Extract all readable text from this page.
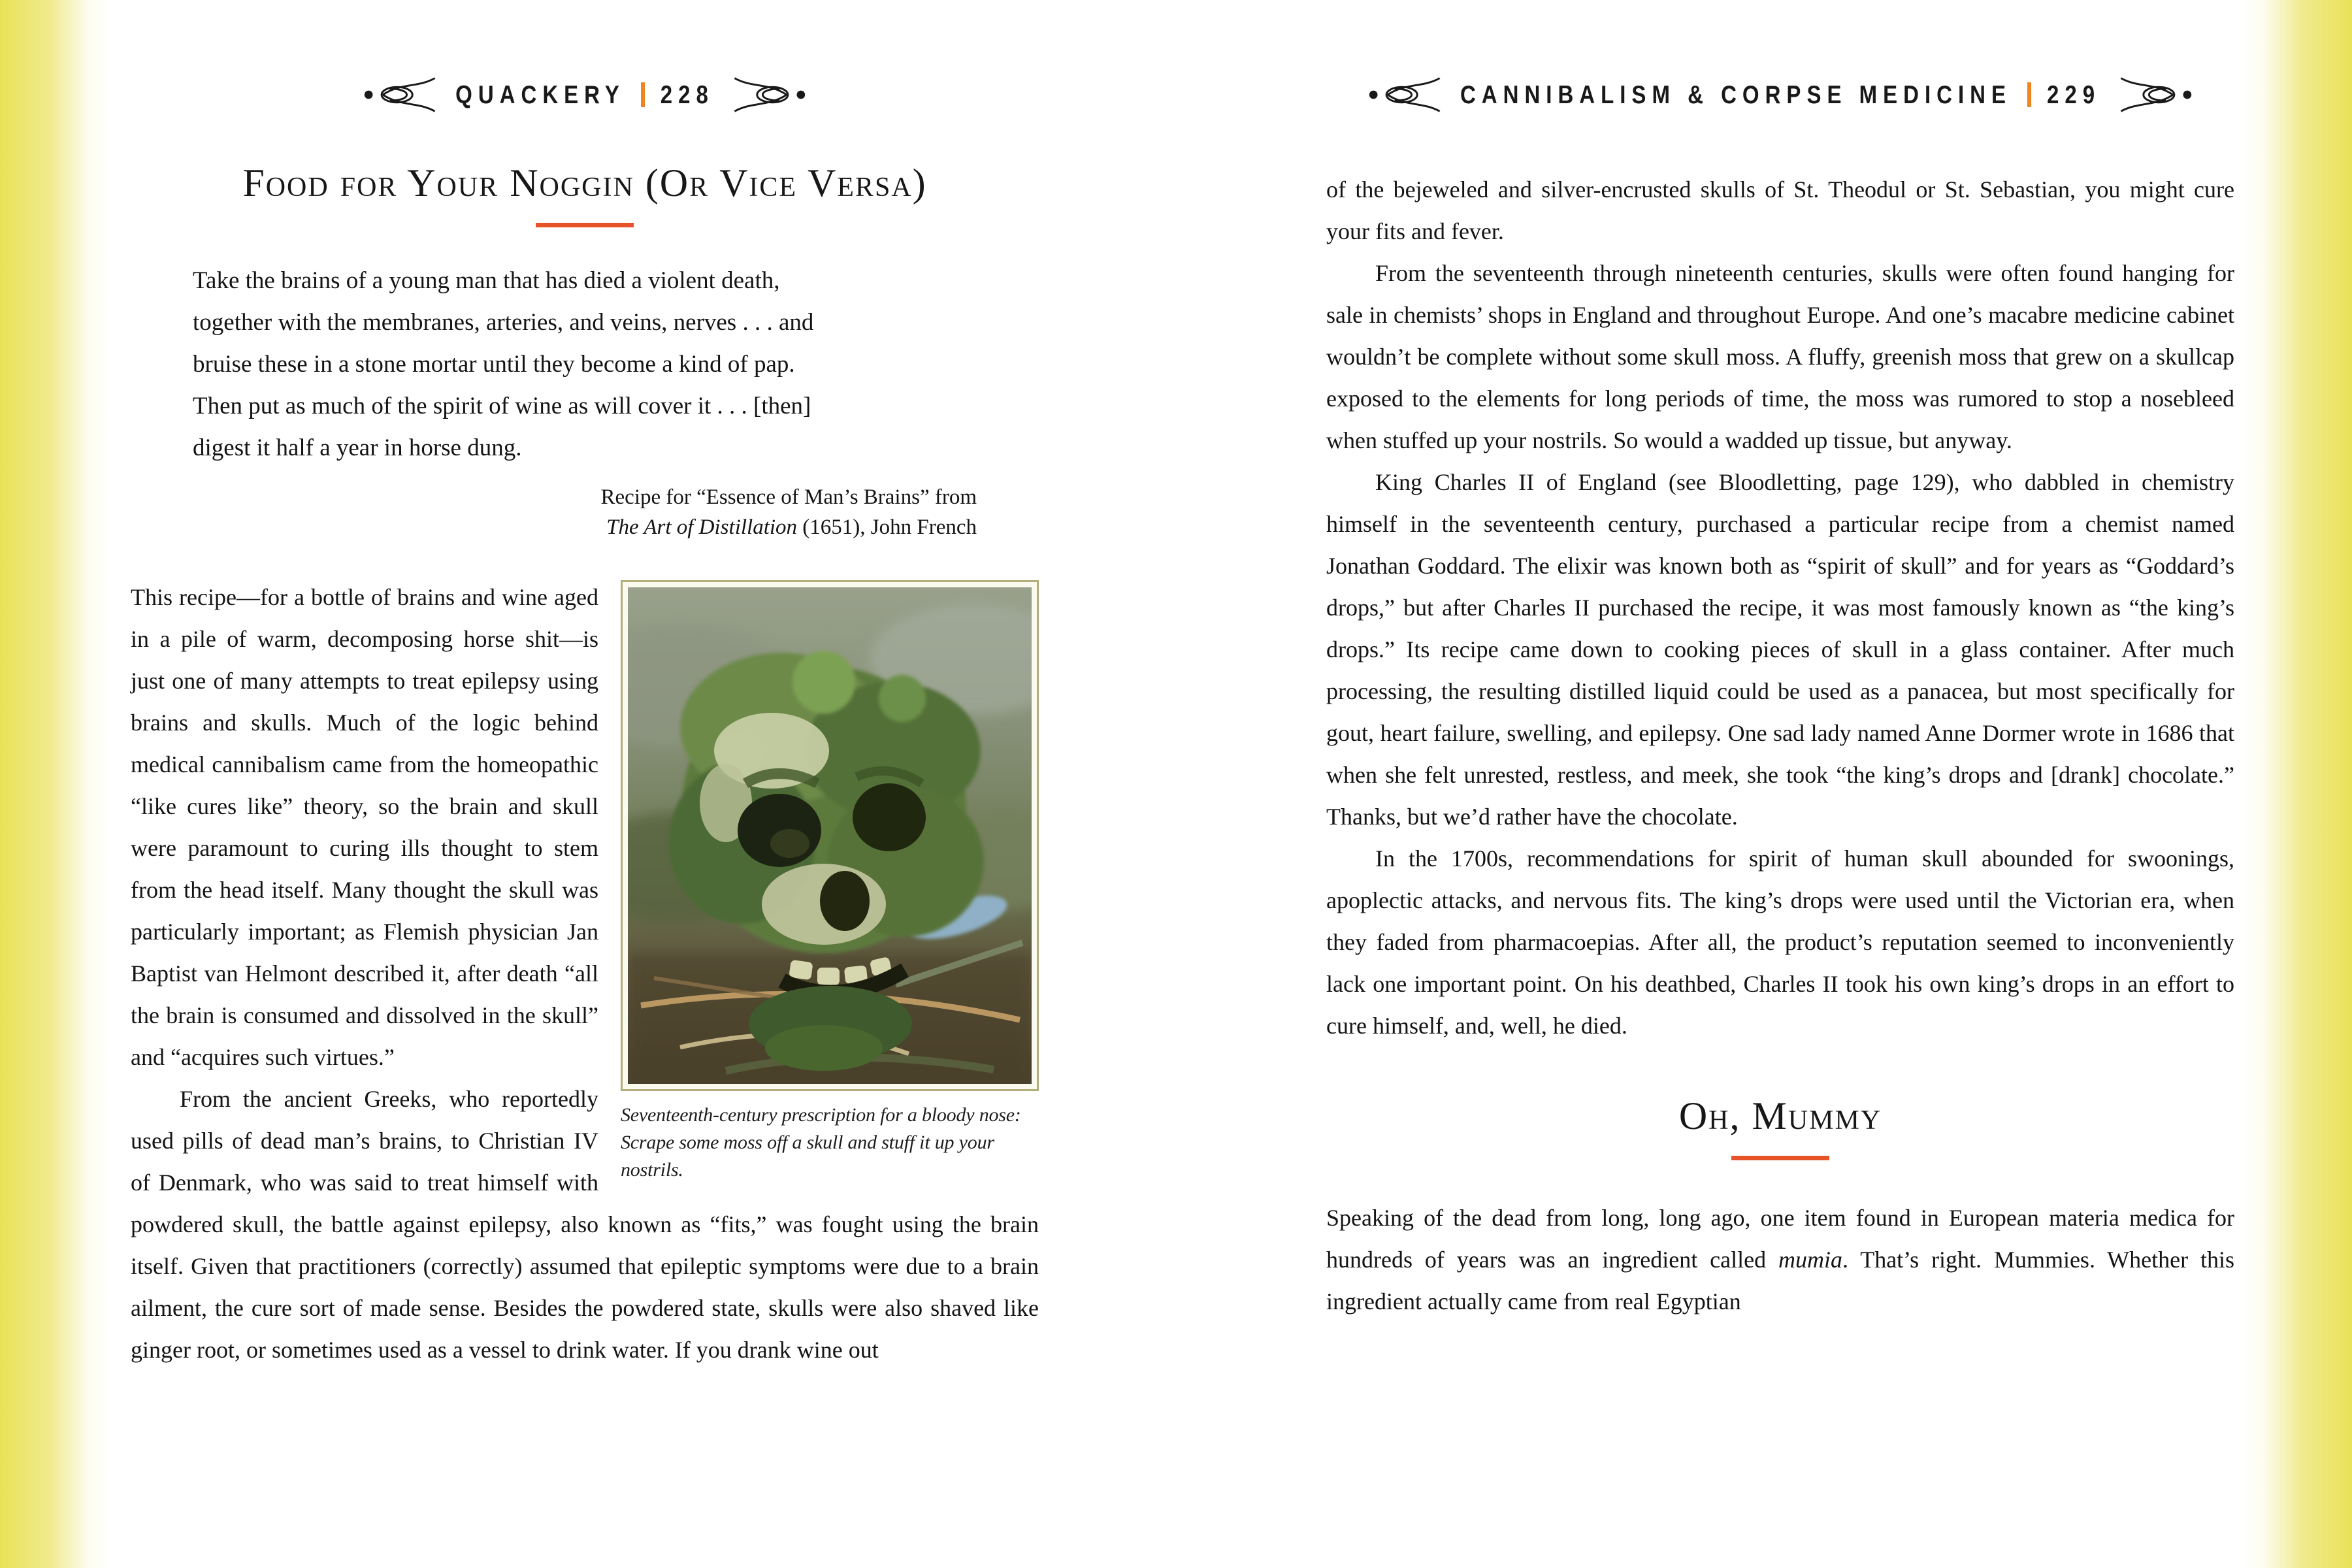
QUACKERY 228
Food for Your Noggin (Or Vice Versa)
Take the brains of a young man that has died a violent death,
together with the membranes, arteries, and veins, nerves . . . and
bruise these in a stone mortar until they become a kind of pap.
Then put as much of the spirit of wine as will cover it . . . [then]
digest it half a year in horse dung.
Recipe for “Essence of Man’s Brains” from
The Art of Distillation (1651), John French
Seventeenth-century prescription for a bloody nose: Scrape some moss off a skull and stuff it up your nostrils.

This recipe—for a bottle of brains and wine aged in a pile of warm, decomposing horse shit—is just one of many attempts to treat epilepsy using brains and skulls. Much of the logic behind medical cannibalism came from the homeopathic “like cures like” theory, so the brain and skull were paramount to curing ills thought to stem from the head itself. Many thought the skull was particularly important; as Flemish physician Jan Baptist van Helmont described it, after death “all the brain is consumed and dissolved in the skull” and “acquires such virtues.”

From the ancient Greeks, who reportedly used pills of dead man’s brains, to Christian IV of Denmark, who was said to treat himself with powdered skull, the battle against epilepsy, also known as “fits,” was fought using the brain itself. Given that practitioners (correctly) assumed that epileptic symptoms were due to a brain ailment, the cure sort of made sense. Besides the powdered state, skulls were also shaved like ginger root, or sometimes used as a vessel to drink water. If you drank wine out

CANNIBALISM & CORPSE MEDICINE 229

of the bejeweled and silver-encrusted skulls of St. Theodul or St. Sebastian, you might cure your fits and fever.

From the seventeenth through nineteenth centuries, skulls were often found hanging for sale in chemists’ shops in England and throughout Europe. And one’s macabre medicine cabinet wouldn’t be complete without some skull moss. A fluffy, greenish moss that grew on a skullcap exposed to the elements for long periods of time, the moss was rumored to stop a nosebleed when stuffed up your nostrils. So would a wadded up tissue, but anyway.

King Charles II of England (see Bloodletting, page 129), who dabbled in chemistry himself in the seventeenth century, purchased a particular recipe from a chemist named Jonathan Goddard. The elixir was known both as “spirit of skull” and for years as “Goddard’s drops,” but after Charles II purchased the recipe, it was most famously known as “the king’s drops.” Its recipe came down to cooking pieces of skull in a glass container. After much processing, the resulting distilled liquid could be used as a panacea, but most specifically for gout, heart failure, swelling, and epilepsy. One sad lady named Anne Dormer wrote in 1686 that when she felt unrested, restless, and meek, she took “the king’s drops and [drank] chocolate.” Thanks, but we’d rather have the chocolate.

In the 1700s, recommendations for spirit of human skull abounded for swoonings, apoplectic attacks, and nervous fits. The king’s drops were used until the Victorian era, when they faded from pharmacoepias. After all, the product’s reputation seemed to inconveniently lack one important point. On his deathbed, Charles II took his own king’s drops in an effort to cure himself, and, well, he died.

Oh, Mummy

Speaking of the dead from long, long ago, one item found in European materia medica for hundreds of years was an ingredient called mumia. That’s right. Mummies. Whether this ingredient actually came from real Egyptian
